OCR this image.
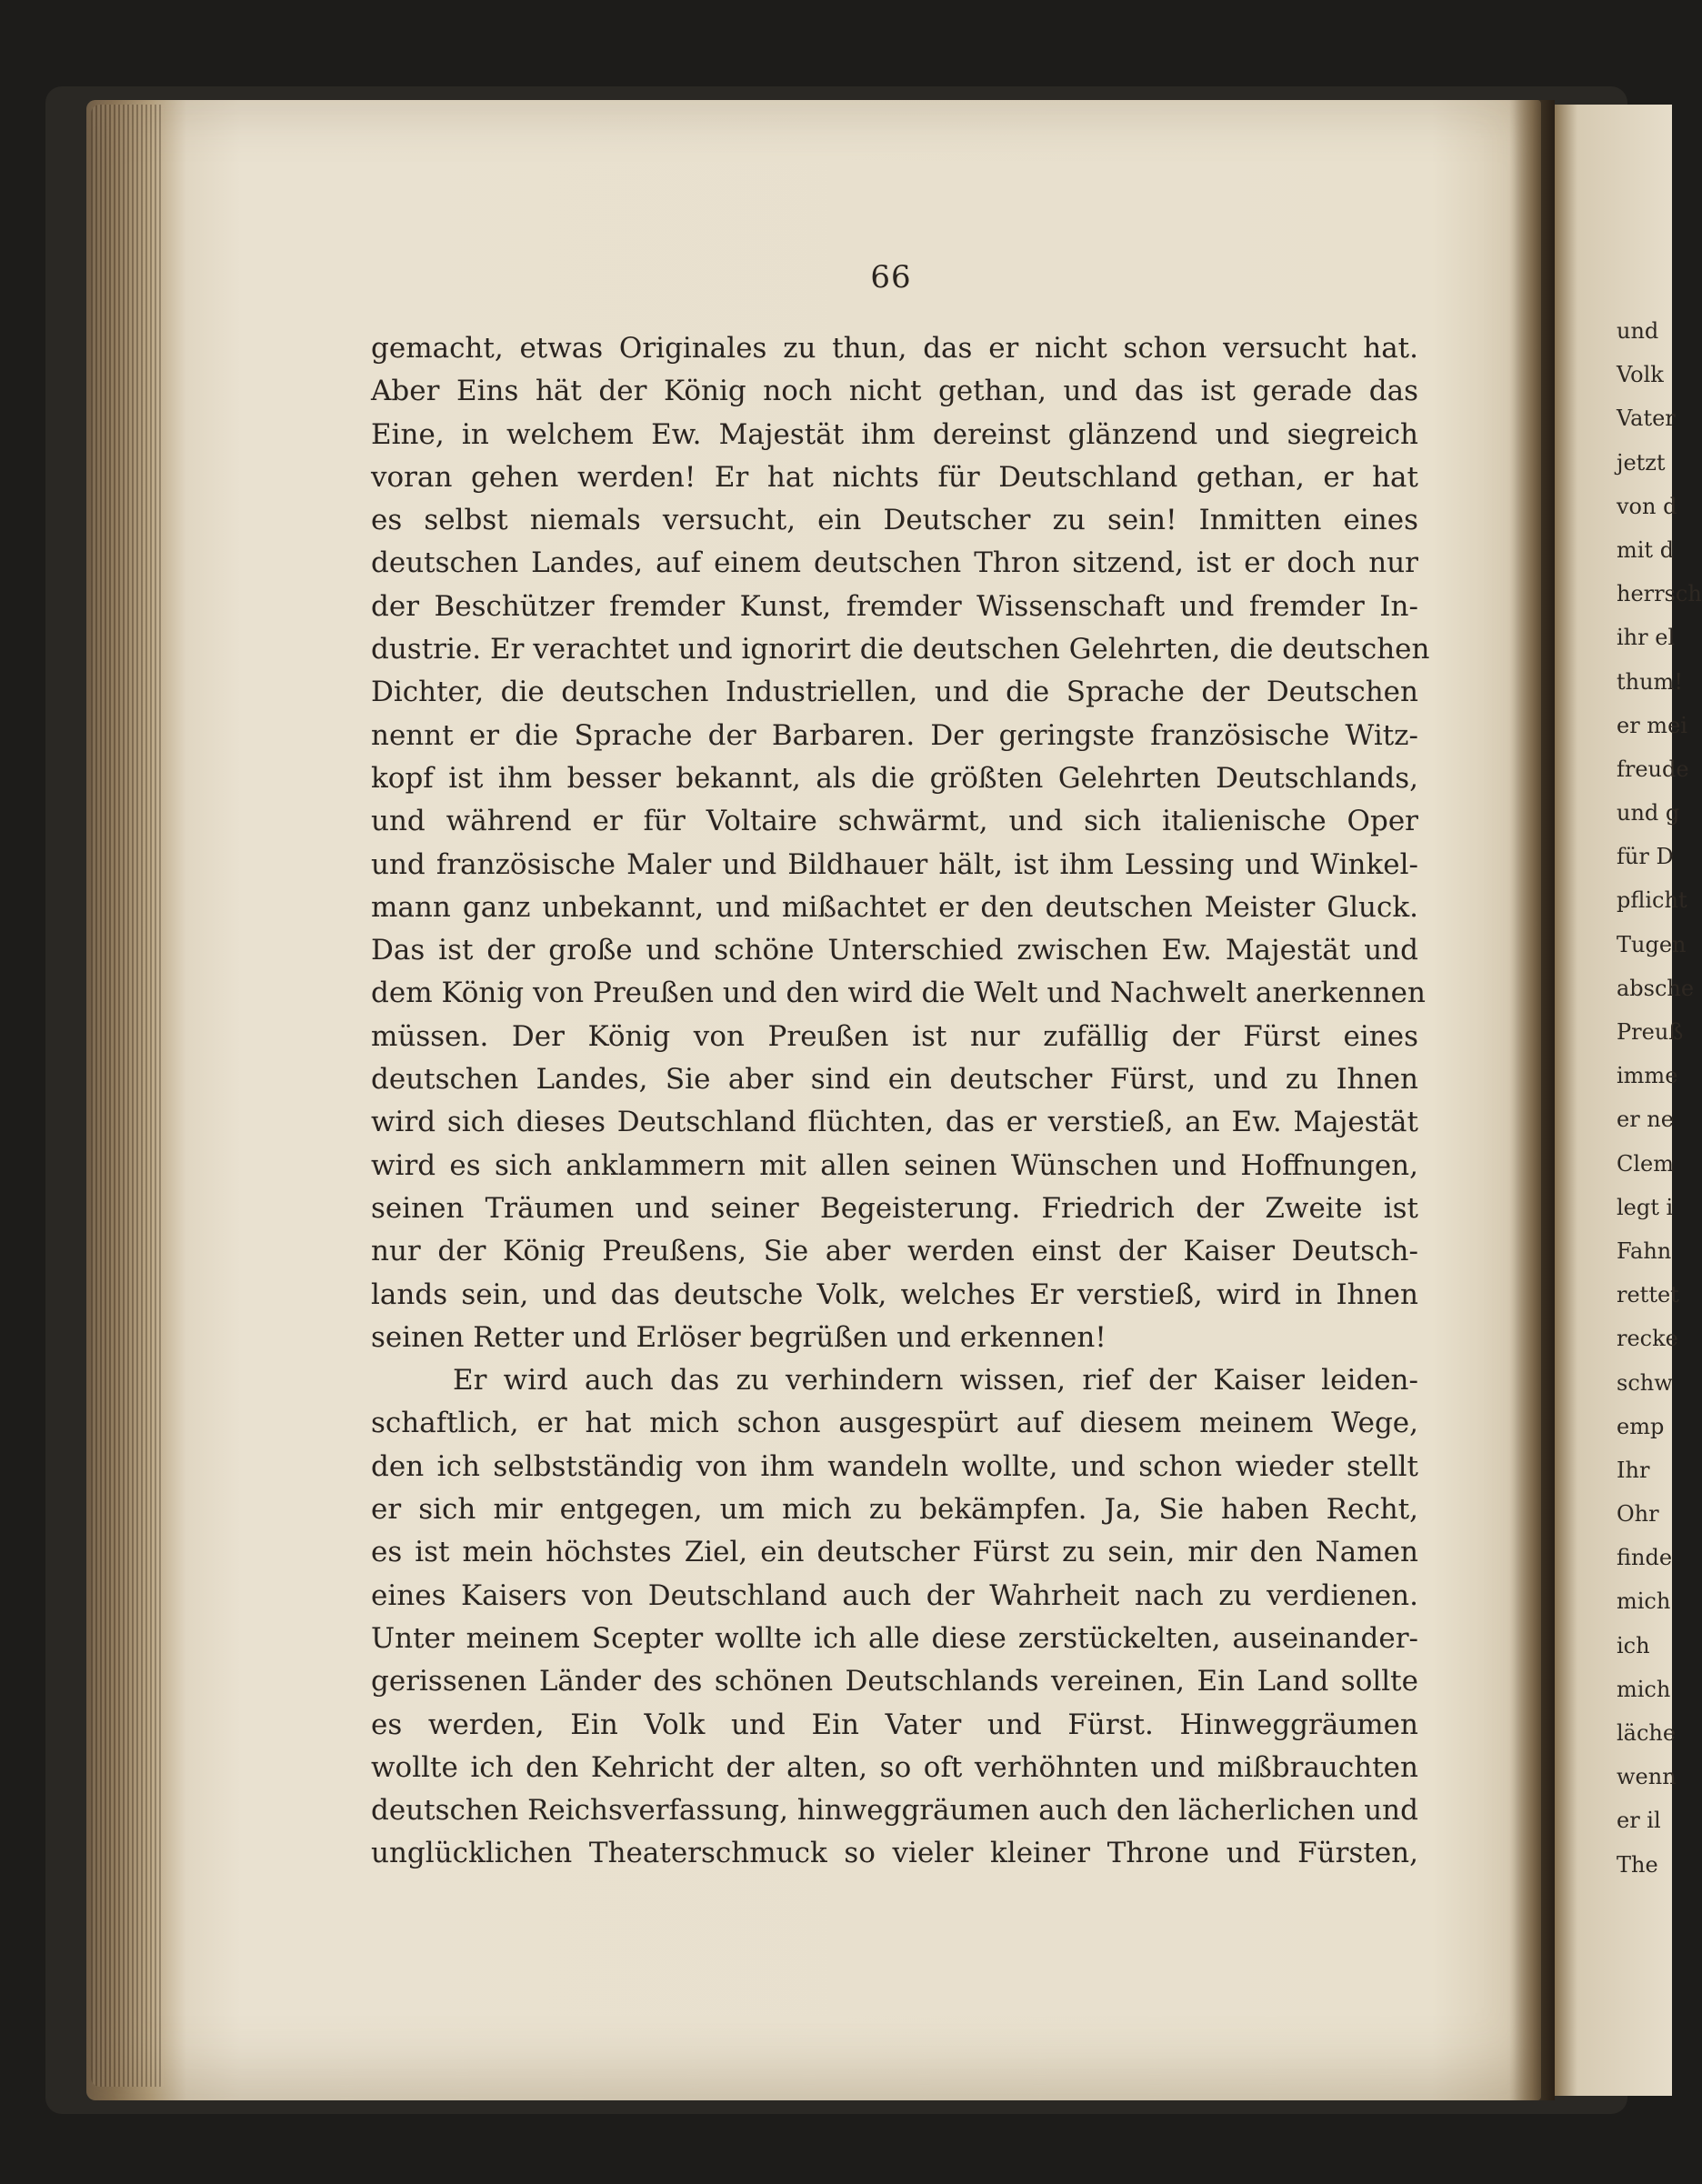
66
gemacht, etwas Originales zu thun, das er nicht schon versucht hat.
Aber Eins hät der König noch nicht gethan, und das ist gerade das
Eine, in welchem Ew. Majestät ihm dereinst glänzend und siegreich
voran gehen werden! Er hat nichts für Deutschland gethan, er hat
es selbst niemals versucht, ein Deutscher zu sein! Inmitten eines
deutschen Landes, auf einem deutschen Thron sitzend, ist er doch nur
der Beschützer fremder Kunst, fremder Wissenschaft und fremder In-
dustrie. Er verachtet und ignorirt die deutschen Gelehrten, die deutschen
Dichter, die deutschen Industriellen, und die Sprache der Deutschen
nennt er die Sprache der Barbaren. Der geringste französische Witz-
kopf ist ihm besser bekannt, als die größten Gelehrten Deutschlands,
und während er für Voltaire schwärmt, und sich italienische Oper
und französische Maler und Bildhauer hält, ist ihm Lessing und Winkel-
mann ganz unbekannt, und mißachtet er den deutschen Meister Gluck.
Das ist der große und schöne Unterschied zwischen Ew. Majestät und
dem König von Preußen und den wird die Welt und Nachwelt anerkennen
müssen. Der König von Preußen ist nur zufällig der Fürst eines
deutschen Landes, Sie aber sind ein deutscher Fürst, und zu Ihnen
wird sich dieses Deutschland flüchten, das er verstieß, an Ew. Majestät
wird es sich anklammern mit allen seinen Wünschen und Hoffnungen,
seinen Träumen und seiner Begeisterung. Friedrich der Zweite ist
nur der König Preußens, Sie aber werden einst der Kaiser Deutsch-
lands sein, und das deutsche Volk, welches Er verstieß, wird in Ihnen
seinen Retter und Erlöser begrüßen und erkennen!
Er wird auch das zu verhindern wissen, rief der Kaiser leiden-
schaftlich, er hat mich schon ausgespürt auf diesem meinem Wege,
den ich selbstständig von ihm wandeln wollte, und schon wieder stellt
er sich mir entgegen, um mich zu bekämpfen. Ja, Sie haben Recht,
es ist mein höchstes Ziel, ein deutscher Fürst zu sein, mir den Namen
eines Kaisers von Deutschland auch der Wahrheit nach zu verdienen.
Unter meinem Scepter wollte ich alle diese zerstückelten, auseinander-
gerissenen Länder des schönen Deutschlands vereinen, Ein Land sollte
es werden, Ein Volk und Ein Vater und Fürst. Hinweggräumen
wollte ich den Kehricht der alten, so oft verhöhnten und mißbrauchten
deutschen Reichsverfassung, hinweggräumen auch den lächerlichen und
unglücklichen Theaterschmuck so vieler kleiner Throne und Fürsten,
und
Volk
Vater
jetzt
von d
mit d
herrsch
ihr el
thum!
er mei
freude
und g
für D
pflicht
Tugen
absche
Preuß
imme
er ne
Clem
legt i
Fahn
rettet
recke
schw
emp
Ihr
Ohr
finde
mich
ich
mich
läche
wenn
er il
The
